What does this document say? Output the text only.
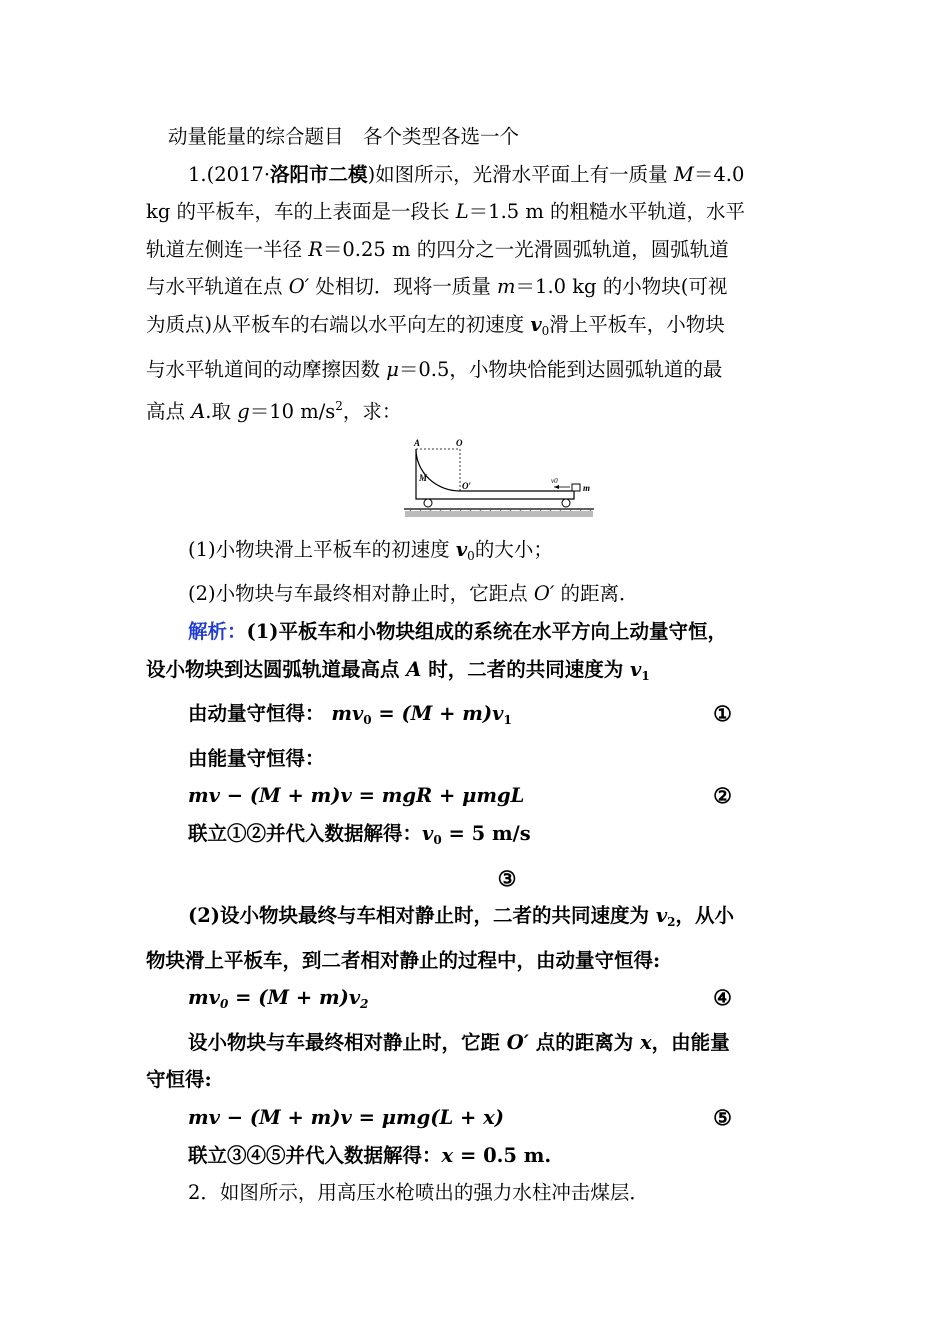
动量能量的综合题目　各个类型各选一个
1.(2017·洛阳市二模)如图所示，光滑水平面上有一质量 M＝4.0
kg 的平板车，车的上表面是一段长 L＝1.5 m 的粗糙水平轨道，水平
轨道左侧连一半径 R＝0.25 m 的四分之一光滑圆弧轨道，圆弧轨道
与水平轨道在点 O′ 处相切．现将一质量 m＝1.0 kg 的小物块(可视
为质点)从平板车的右端以水平向左的初速度 $v_0$滑上平板车，小物块
与水平轨道间的动摩擦因数 μ＝0.5，小物块恰能到达圆弧轨道的最
高点 A.取 g＝10 $m/s^2$，求：
A	O
O′
M	v0
m
(1)小物块滑上平板车的初速度 $v_0$的大小；
(2)小物块与车最终相对静止时，它距点 O′ 的距离．
解析：(1)平板车和小物块组成的系统在水平方向上动量守恒，
设小物块到达圆弧轨道最高点 A 时，二者的共同速度为 $v_1$
由动量守恒得： $mv_0 = (M + m)v_1$	①
由能量守恒得：
mv − (M + m)v = mgR + μmgL	②
联立①②并代入数据解得：$v_0 = 5$ m/s
③
(2)设小物块最终与车相对静止时，二者的共同速度为 $v_2$，从小
物块滑上平板车，到二者相对静止的过程中，由动量守恒得:
$mv_0 = (M + m)v_2$	④
设小物块与车最终相对静止时，它距 O′ 点的距离为 x，由能量
守恒得:
mv − (M + m)v = μmg(L + x)	⑤
联立③④⑤并代入数据解得：x = 0.5 m.
2．如图所示，用高压水枪喷出的强力水柱冲击煤层．
